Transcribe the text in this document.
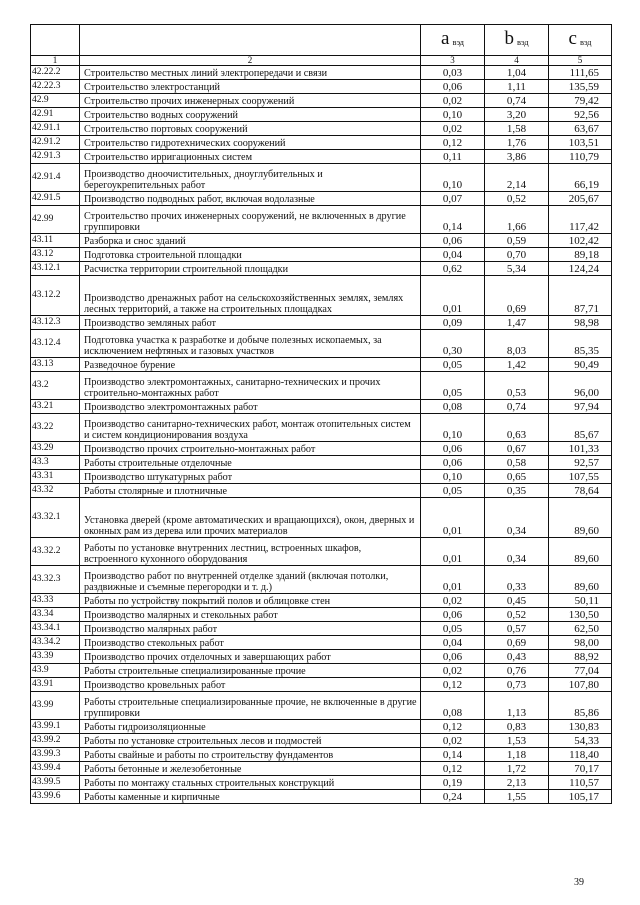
		a $_{вэд}$	b $_{вэд}$	c $_{вэд}$
1	2	3	4	5
42.22.2	Строительство местных линий электропередачи и связи	0,03	1,04	111,65
42.22.3	Строительство электростанций	0,06	1,11	135,59
42.9	Строительство прочих инженерных сооружений	0,02	0,74	79,42
42.91	Строительство водных сооружений	0,10	3,20	92,56
42.91.1	Строительство портовых сооружений	0,02	1,58	63,67
42.91.2	Строительство гидротехнических сооружений	0,12	1,76	103,51
42.91.3	Строительство ирригационных систем	0,11	3,86	110,79
42.91.4	Производство дноочистительных, дноуглубительных и берегоукрепительных работ	0,10	2,14	66,19
42.91.5	Производство подводных работ, включая водолазные	0,07	0,52	205,67
42.99	Строительство прочих инженерных сооружений, не включенных в другие группировки	0,14	1,66	117,42
43.11	Разборка и снос зданий	0,06	0,59	102,42
43.12	Подготовка строительной площадки	0,04	0,70	89,18
43.12.1	Расчистка территории строительной площадки	0,62	5,34	124,24
43.12.2	Производство дренажных работ на сельскохозяйственных землях, землях лесных территорий, а также на строительных площадках	0,01	0,69	87,71
43.12.3	Производство земляных работ	0,09	1,47	98,98
43.12.4	Подготовка участка к разработке и добыче полезных ископаемых, за исключением нефтяных и газовых участков	0,30	8,03	85,35
43.13	Разведочное бурение	0,05	1,42	90,49
43.2	Производство электромонтажных, санитарно-технических и прочих строительно-монтажных работ	0,05	0,53	96,00
43.21	Производство электромонтажных работ	0,08	0,74	97,94
43.22	Производство санитарно-технических работ, монтаж отопительных систем и систем кондиционирования воздуха	0,10	0,63	85,67
43.29	Производство прочих строительно-монтажных работ	0,06	0,67	101,33
43.3	Работы строительные отделочные	0,06	0,58	92,57
43.31	Производство штукатурных работ	0,10	0,65	107,55
43.32	Работы столярные и плотничные	0,05	0,35	78,64
43.32.1	Установка дверей (кроме автоматических и вращающихся), окон, дверных и оконных рам из дерева или прочих материалов	0,01	0,34	89,60
43.32.2	Работы по установке внутренних лестниц, встроенных шкафов, встроенного кухонного оборудования	0,01	0,34	89,60
43.32.3	Производство работ по внутренней отделке зданий (включая потолки, раздвижные и съемные перегородки и т. д.)	0,01	0,33	89,60
43.33	Работы по устройству покрытий полов и облицовке стен	0,02	0,45	50,11
43.34	Производство малярных и стекольных работ	0,06	0,52	130,50
43.34.1	Производство малярных работ	0,05	0,57	62,50
43.34.2	Производство стекольных работ	0,04	0,69	98,00
43.39	Производство прочих отделочных и завершающих работ	0,06	0,43	88,92
43.9	Работы строительные специализированные прочие	0,02	0,76	77,04
43.91	Производство кровельных работ	0,12	0,73	107,80
43.99	Работы строительные специализированные прочие, не включенные в другие группировки	0,08	1,13	85,86
43.99.1	Работы гидроизоляционные	0,12	0,83	130,83
43.99.2	Работы по установке строительных лесов и подмостей	0,02	1,53	54,33
43.99.3	Работы свайные и работы по строительству фундаментов	0,14	1,18	118,40
43.99.4	Работы бетонные и железобетонные	0,12	1,72	70,17
43.99.5	Работы по монтажу стальных строительных конструкций	0,19	2,13	110,57
43.99.6	Работы каменные и кирпичные	0,24	1,55	105,17
39
